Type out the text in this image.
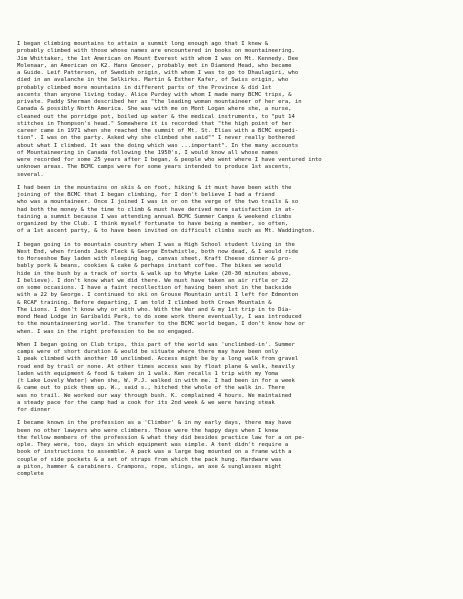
I began climbing mountains to attain a summit long enough ago that I knew &
probably climbed with those whose names are encountered in books on mountaineering.
Jim Whittaker, the 1st American on Mount Everest with whom I was on Mt. Kennedy. Dee
Molenaar, an American on K2. Hans Gmoser, probably met in Diamond Head, who became
a Guide. Leif Patterson, of Swedish origin, with whom I was to go to Dhaulagiri, who
died in an avalanche in the Selkirks. Martin & Esther Kafer, of Swiss origin, who
probably climbed more mountains in different parts of the Province & did 1st
ascents than anyone living today. Alice Purdey with whom I made many BCMC trips, &
private. Paddy Sherman described her as "the leading woman mountaineer of her era, in
Canada & possibly North America. She was with me on Mont Logan where she, a nurse,
cleaned out the porridge pot, boiled up water & the medical instruments, to "put 14
stitches in Thompson's head." Somewhere it is recorded that "the high point of her
career came in 1971 when she reached the summit of Mt. St. Elias with a BCMC expedi-
tion". I was on the party. Asked why she climbed she said"" I never really bothered
about what I climbed. It was the doing which was ...important". In the many accounts
of Mountaineering in Canada following the 1950's, I would know all whose names
were recorded for some 25 years after I began, & people who went where I have ventured into
unknown areas. The BCMC camps were for some years intended to produce 1st ascents,
several.

I had been in the mountains on skis & on foot, hiking & it must have been with the
joining of the BCMC that I began climbing, for I don't believe I had a friend
who was a mountaineer. Once I joined I was in or on the verge of the two trails & so
had both the money & the time to climb & must have derived more satisfaction in at-
taining a summit because I was attending annual BCMC Summer Camps & weekend climbs
organized by the Club. I think myself fortunate to have being a member, so often,
of a 1st ascent party, & to have been invited on difficult climbs such as Mt. Waddington.

I began going in to mountain country when I was a High School student living in the
West End, when friends Jack Fleck & George Entwhistle, both now dead, & I would ride
to Horseshoe Bay laden with sleeping bag, canvas sheet, Kraft Cheese dinner & pro-
bably pork & beans, cookies & cake & perhaps instant coffee. The bikes we would
hide in the bush by a track of sorts & walk up to Whyte Lake (20-30 minutes above,
I believe). I don't know what we did there. We must have taken an air rifle or 22
on some occasions. I have a faint recollection of having been shot in the backside
with a 22 by George. I continued to ski on Grouse Mountain until I left for Edmonton
& RCAF training. Before departing, I am told I climbed both Crown Mountain &
The Lions. I don't know why or with who. With the War and & my 1st trip in to Dia-
mond Head Lodge in Garibaldi Park, to do some work there eventually, I was introduced
to the mountaineering world. The transfer to the BCMC world began, I don't know how or
when. I was in the right profession to be so engaged.

When I began going on Club trips, this part of the world was 'unclimbed-in'. Summer
camps were of short duration & would be situate where there may have been only
1 peak climbed with another 10 unclimbed. Access might be by a long walk from gravel
road end by trail or none. At other times access was by float plane & walk, heavily
laden with equipment & food & taken in 1 walk. Ken recalls 1 trip with my Yoma
(t Lake Lovely Water) when she, W. P.J. walked in with me. I had been in for a week
& came out to pick them up. W., said s., hitched the whole of the walk in. There
was no trail. We worked our way through bush. K. complained 4 hours. We maintained
a steady pace for the camp had a cook for its 2nd week & we were having steak
for dinner

I became known in the profession as a 'Climber' & in my early days, there may have
been no other lawyers who were climbers. Those were the happy days when I knew
the fellow members of the profession & what they did besides practice law for a on pe-
ople. They were, too, days in which equipment was simple. A tent didn't require a
book of instructions to assemble. A pack was a large bag mounted on a frame with a
couple of side pockets & a set of straps from which the pack hung. Hardware was
a piton, hammer & carabiners. Crampons, rope, slings, an axe & sunglasses might
complete
